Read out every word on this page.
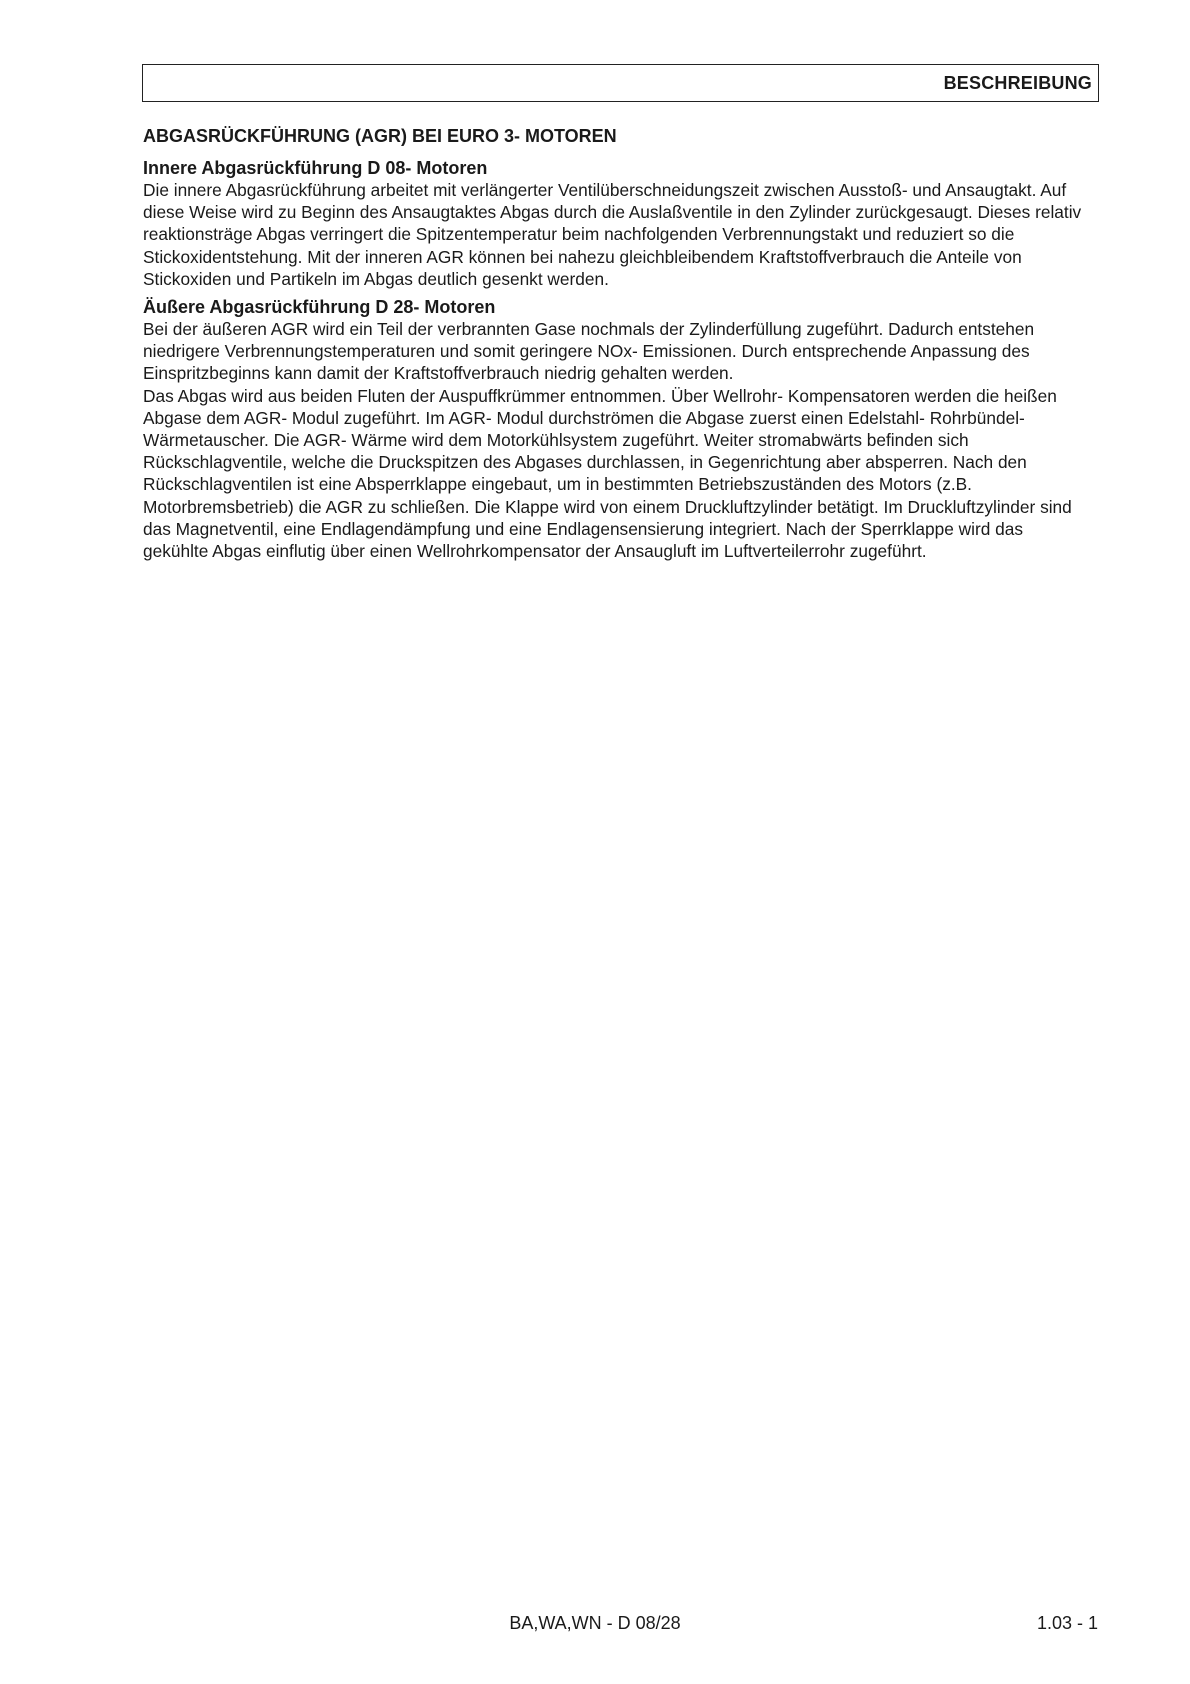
BESCHREIBUNG
ABGASRÜCKFÜHRUNG (AGR) BEI EURO 3- MOTOREN
Innere Abgasrückführung D 08- Motoren

Die innere Abgasrückführung arbeitet mit verlängerter Ventilüberschneidungszeit zwischen Ausstoß- und Ansaugtakt. Auf diese Weise wird zu Beginn des Ansaugtaktes Abgas durch die Auslaßventile in den Zylinder zurückgesaugt. Dieses relativ reaktionsträge Abgas verringert die Spitzentemperatur beim nachfolgenden Verbrennungstakt und reduziert so die Stickoxidentstehung. Mit der inneren AGR können bei nahezu gleichbleibendem Kraftstoffverbrauch die Anteile von Stickoxiden und Partikeln im Abgas deutlich gesenkt werden.

Äußere Abgasrückführung D 28- Motoren

Bei der äußeren AGR wird ein Teil der verbrannten Gase nochmals der Zylinderfüllung zugeführt. Dadurch entstehen niedrigere Verbrennungstemperaturen und somit geringere NOx- Emissionen. Durch entsprechende Anpassung des Einspritzbeginns kann damit der Kraftstoffverbrauch niedrig gehalten werden.

Das Abgas wird aus beiden Fluten der Auspuffkrümmer entnommen. Über Wellrohr- Kompensatoren werden die heißen Abgase dem AGR- Modul zugeführt. Im AGR- Modul durchströmen die Abgase zuerst einen Edelstahl- Rohrbündel- Wärmetauscher. Die AGR- Wärme wird dem Motorkühlsystem zugeführt. Weiter stromabwärts befinden sich Rückschlagventile, welche die Druckspitzen des Abgases durchlassen, in Gegenrichtung aber absperren. Nach den Rückschlagventilen ist eine Absperrklappe eingebaut, um in bestimmten Betriebszuständen des Motors (z.B. Motorbremsbetrieb) die AGR zu schließen. Die Klappe wird von einem Druckluftzylinder betätigt. Im Druckluftzylinder sind das Magnetventil, eine Endlagendämpfung und eine Endlagensensierung integriert. Nach der Sperrklappe wird das gekühlte Abgas einflutig über einen Wellrohrkompensator der Ansaugluft im Luftverteilerrohr zugeführt.

BA,WA,WN - D 08/28	1.03 - 1
